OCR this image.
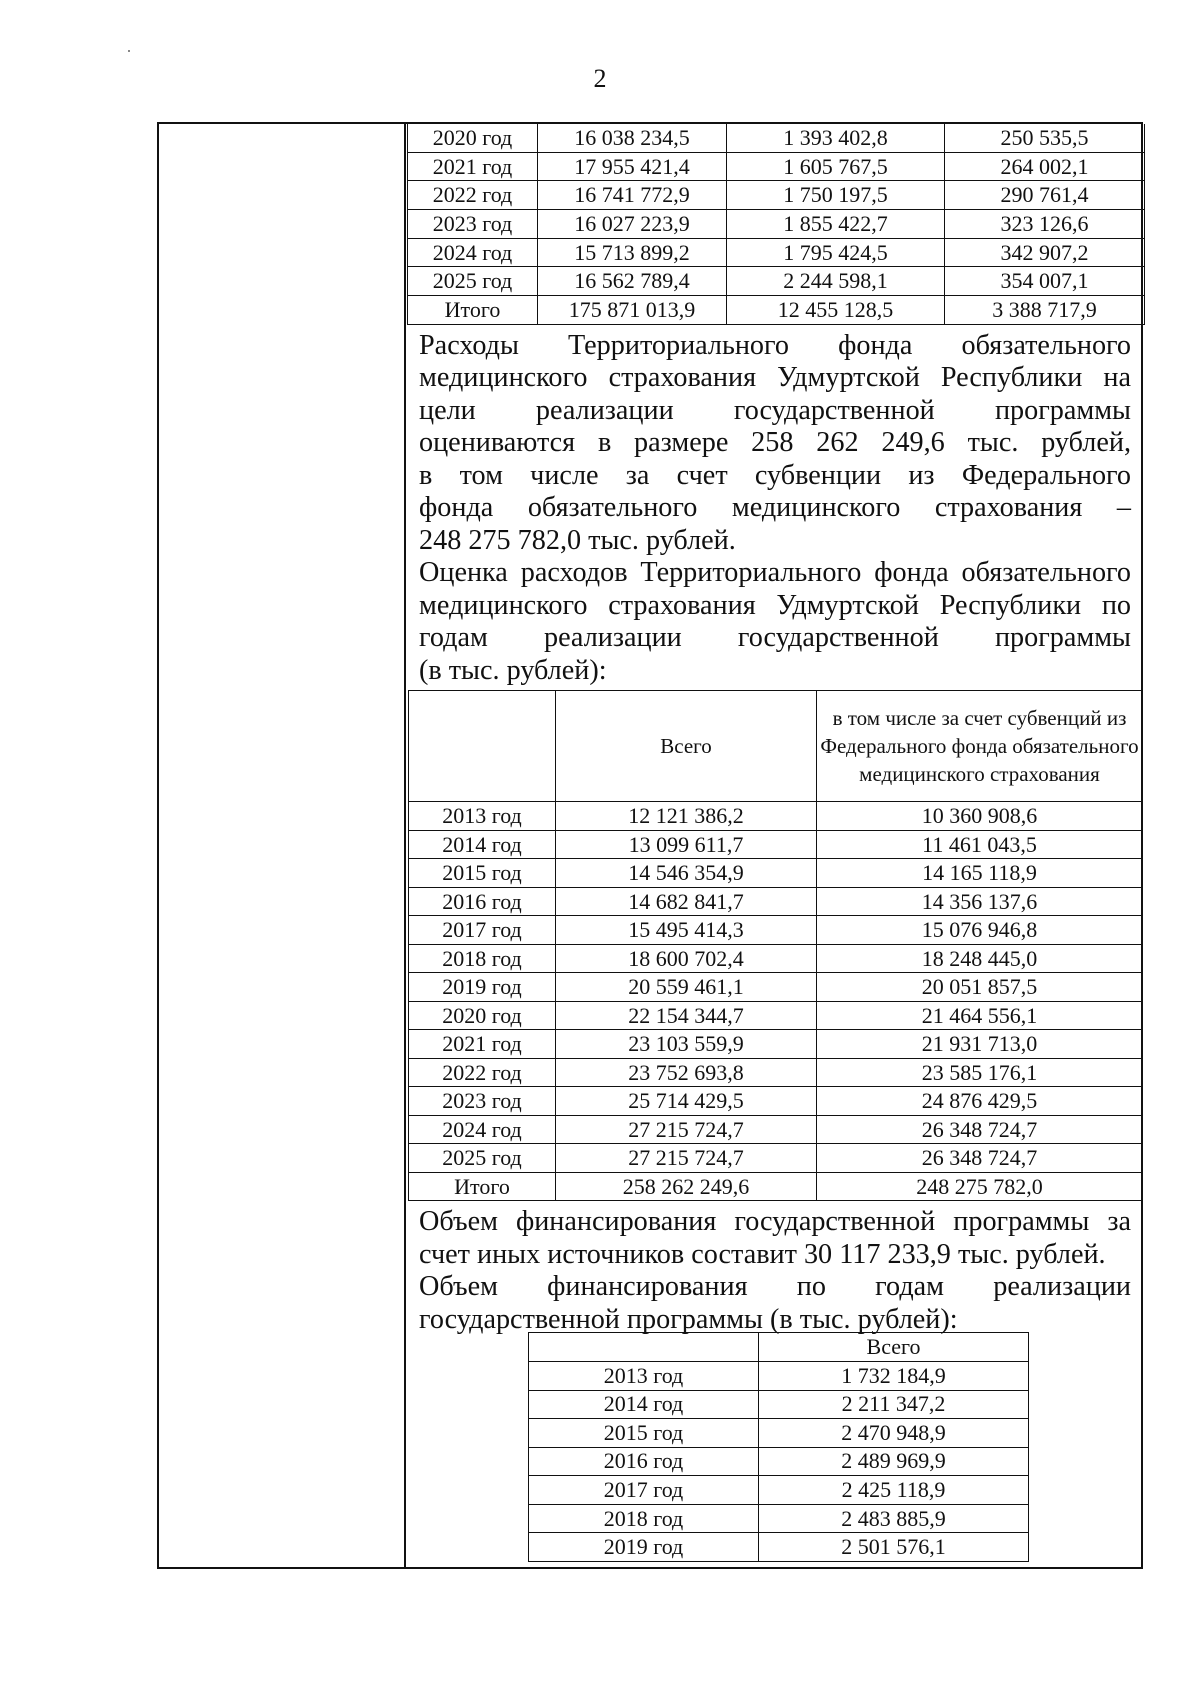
2
2020 год	16 038 234,5	1 393 402,8	250 535,5
2021 год	17 955 421,4	1 605 767,5	264 002,1
2022 год	16 741 772,9	1 750 197,5	290 761,4
2023 год	16 027 223,9	1 855 422,7	323 126,6
2024 год	15 713 899,2	1 795 424,5	342 907,2
2025 год	16 562 789,4	2 244 598,1	354 007,1
Итого	175 871 013,9	12 455 128,5	3 388 717,9

Расходы Территориального фонда обязательного
медицинского страхования Удмуртской Республики на
цели реализации государственной программы
оцениваются в размере 258 262 249,6 тыс. рублей,
в том числе за счет субвенции из Федерального
фонда обязательного медицинского страхования –
248 275 782,0 тыс. рублей.

Оценка расходов Территориального фонда обязательного
медицинского страхования Удмуртской Республики по
годам реализации государственной программы
(в тыс. рублей):

	Всего	в том числе за счет субвенций из Федерального фонда обязательного медицинского страхования
2013 год	12 121 386,2	10 360 908,6
2014 год	13 099 611,7	11 461 043,5
2015 год	14 546 354,9	14 165 118,9
2016 год	14 682 841,7	14 356 137,6
2017 год	15 495 414,3	15 076 946,8
2018 год	18 600 702,4	18 248 445,0
2019 год	20 559 461,1	20 051 857,5
2020 год	22 154 344,7	21 464 556,1
2021 год	23 103 559,9	21 931 713,0
2022 год	23 752 693,8	23 585 176,1
2023 год	25 714 429,5	24 876 429,5
2024 год	27 215 724,7	26 348 724,7
2025 год	27 215 724,7	26 348 724,7
Итого	258 262 249,6	248 275 782,0

Объем финансирования государственной программы за
счет иных источников составит 30 117 233,9 тыс. рублей.

Объем финансирования по годам реализации
государственной программы (в тыс. рублей):

	Всего
2013 год	1 732 184,9
2014 год	2 211 347,2
2015 год	2 470 948,9
2016 год	2 489 969,9
2017 год	2 425 118,9
2018 год	2 483 885,9
2019 год	2 501 576,1
